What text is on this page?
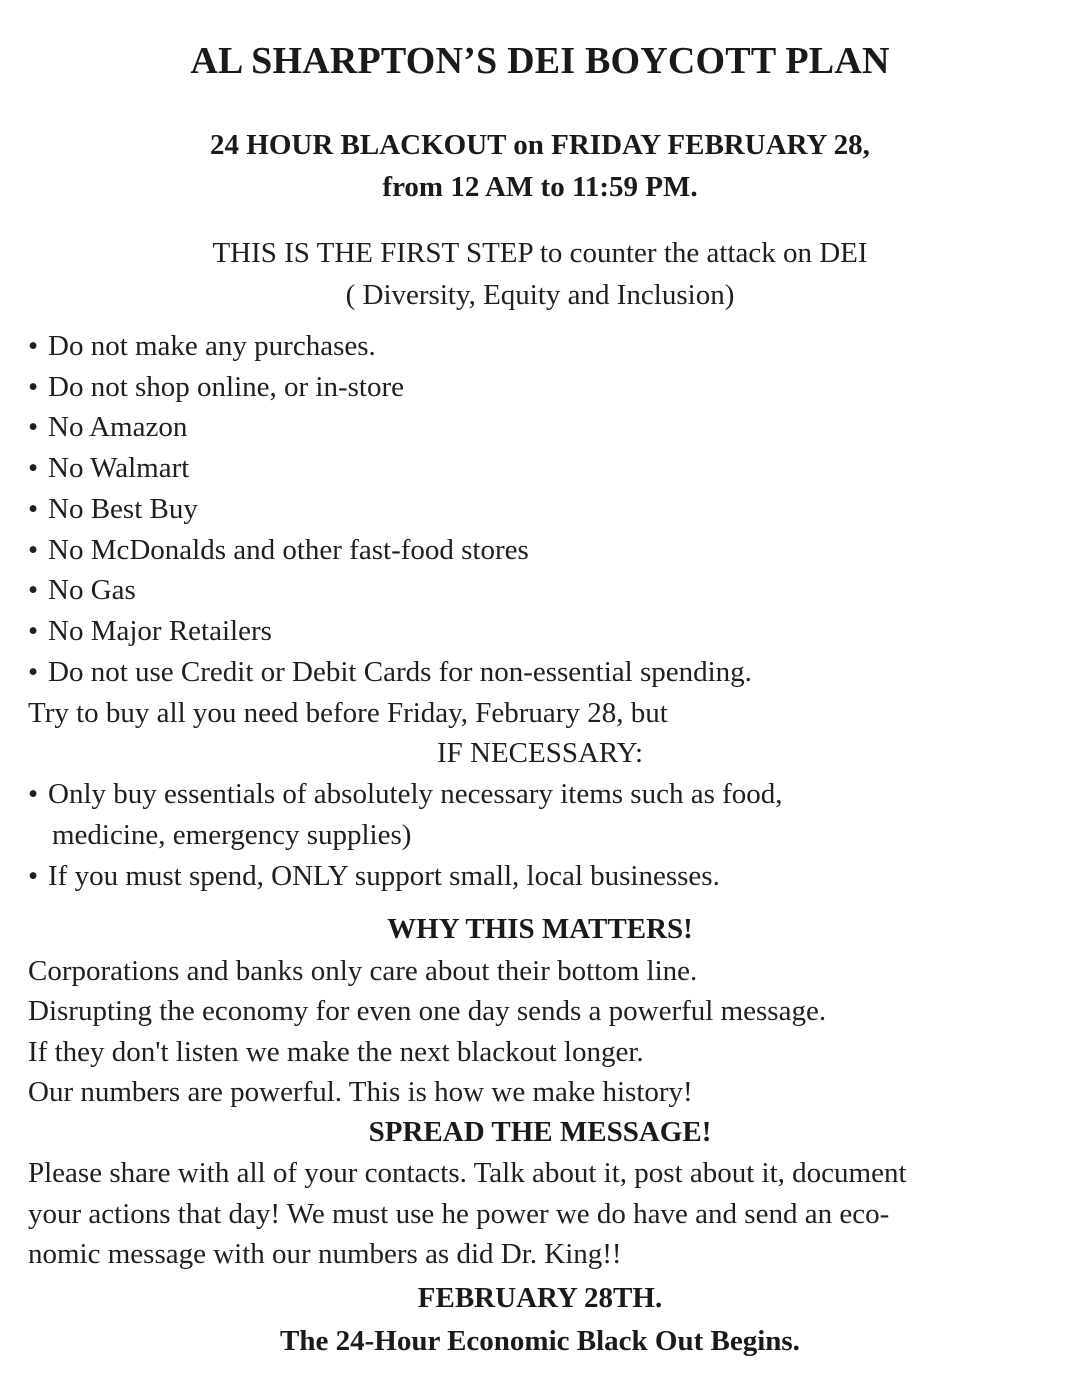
AL SHARPTON’S DEI BOYCOTT PLAN
24 HOUR BLACKOUT on FRIDAY FEBRUARY 28,
from 12 AM to 11:59 PM.
THIS IS THE FIRST STEP to counter the attack on DEI
( Diversity, Equity and Inclusion)
• Do not make any purchases.
• Do not shop online, or in-store
• No Amazon
• No Walmart
• No Best Buy
• No McDonalds and other fast-food stores
• No Gas
• No Major Retailers
• Do not use Credit or Debit Cards for non-essential spending.
Try to buy all you need before Friday, February 28, but
IF NECESSARY:
• Only buy essentials of absolutely necessary items such as food,
medicine, emergency supplies)
• If you must spend, ONLY support small, local businesses.
WHY THIS MATTERS!
Corporations and banks only care about their bottom line.
Disrupting the economy for even one day sends a powerful message.
If they don't listen we make the next blackout longer.
Our numbers are powerful. This is how we make history!
SPREAD THE MESSAGE!
Please share with all of your contacts. Talk about it, post about it, document
your actions that day! We must use he power we do have and send an eco-
nomic message with our numbers as did Dr. King!!
FEBRUARY 28TH.
The 24-Hour Economic Black Out Begins.
